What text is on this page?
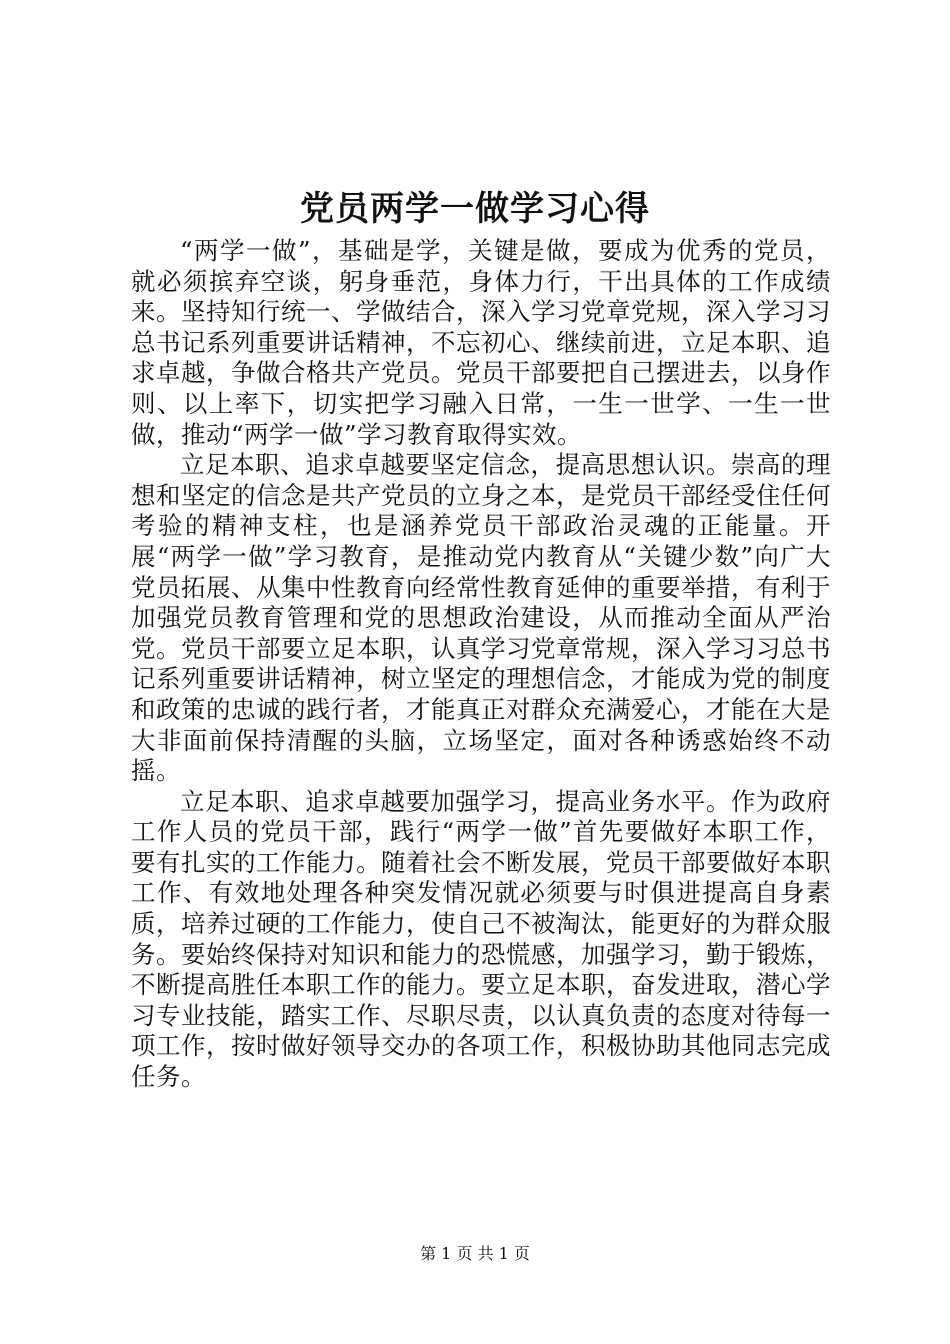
党员两学一做学习心得

“两学一做”，基础是学，关键是做，要成为优秀的党员，就必须摈弃空谈，躬身垂范，身体力行，干出具体的工作成绩来。坚持知行统一、学做结合，深入学习党章党规，深入学习习总书记系列重要讲话精神，不忘初心、继续前进，立足本职、追求卓越，争做合格共产党员。党员干部要把自己摆进去，以身作则、以上率下，切实把学习融入日常，一生一世学、一生一世做，推动“两学一做”学习教育取得实效。

立足本职、追求卓越要坚定信念，提高思想认识。崇高的理想和坚定的信念是共产党员的立身之本，是党员干部经受住任何考验的精神支柱，也是涵养党员干部政治灵魂的正能量。开展“两学一做”学习教育，是推动党内教育从“关键少数”向广大党员拓展、从集中性教育向经常性教育延伸的重要举措，有利于加强党员教育管理和党的思想政治建设，从而推动全面从严治党。党员干部要立足本职，认真学习党章常规，深入学习习总书记系列重要讲话精神，树立坚定的理想信念，才能成为党的制度和政策的忠诚的践行者，才能真正对群众充满爱心，才能在大是大非面前保持清醒的头脑，立场坚定，面对各种诱惑始终不动摇。

立足本职、追求卓越要加强学习，提高业务水平。作为政府工作人员的党员干部，践行“两学一做”首先要做好本职工作，要有扎实的工作能力。随着社会不断发展，党员干部要做好本职工作、有效地处理各种突发情况就必须要与时俱进提高自身素质，培养过硬的工作能力，使自己不被淘汰，能更好的为群众服务。要始终保持对知识和能力的恐慌感，加强学习，勤于锻炼，不断提高胜任本职工作的能力。要立足本职，奋发进取，潜心学习专业技能，踏实工作、尽职尽责，以认真负责的态度对待每一项工作，按时做好领导交办的各项工作，积极协助其他同志完成任务。

第 1 页 共 1 页
